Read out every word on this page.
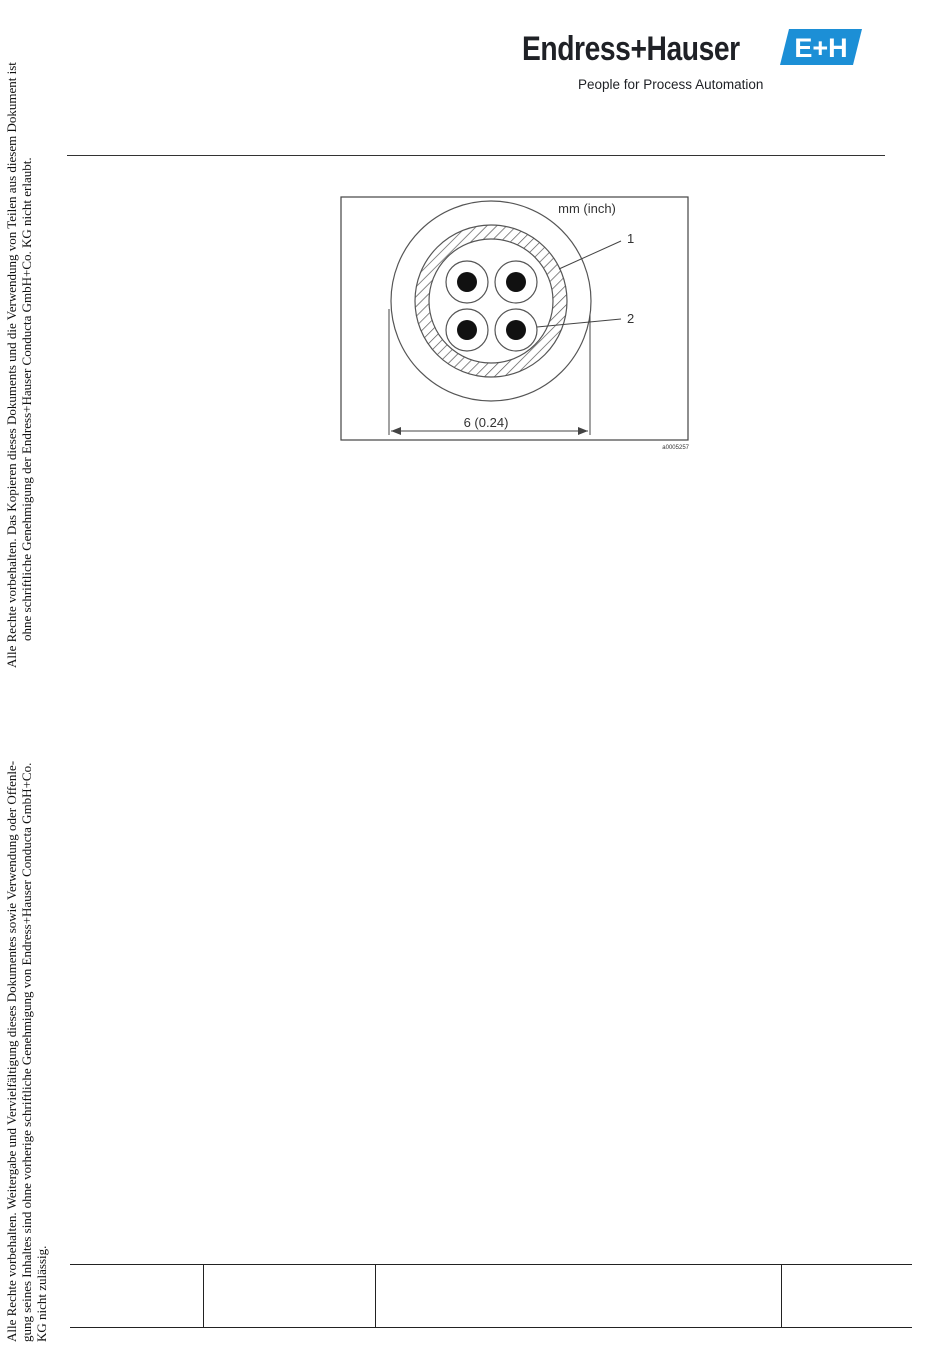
Alle Rechte vorbehalten. Das Kopieren dieses Dokuments und die Verwendung von Teilen aus diesem Dokument ist ohne schriftliche Genehmigung der Endress+Hauser Conducta GmbH+Co. KG nicht erlaubt.
Alle Rechte vorbehalten. Weitergabe und Vervielfältigung dieses Dokumentes sowie Verwendung oder Offenle- gung seines Inhaltes sind ohne vorherige schriftliche Genehmigung von Endress+Hauser Conducta GmbH+Co. KG nicht zulässig.
Endress+Hauser E+H
People for Process Automation
1
2
mm (inch)
6 (0.24)
a0005257
